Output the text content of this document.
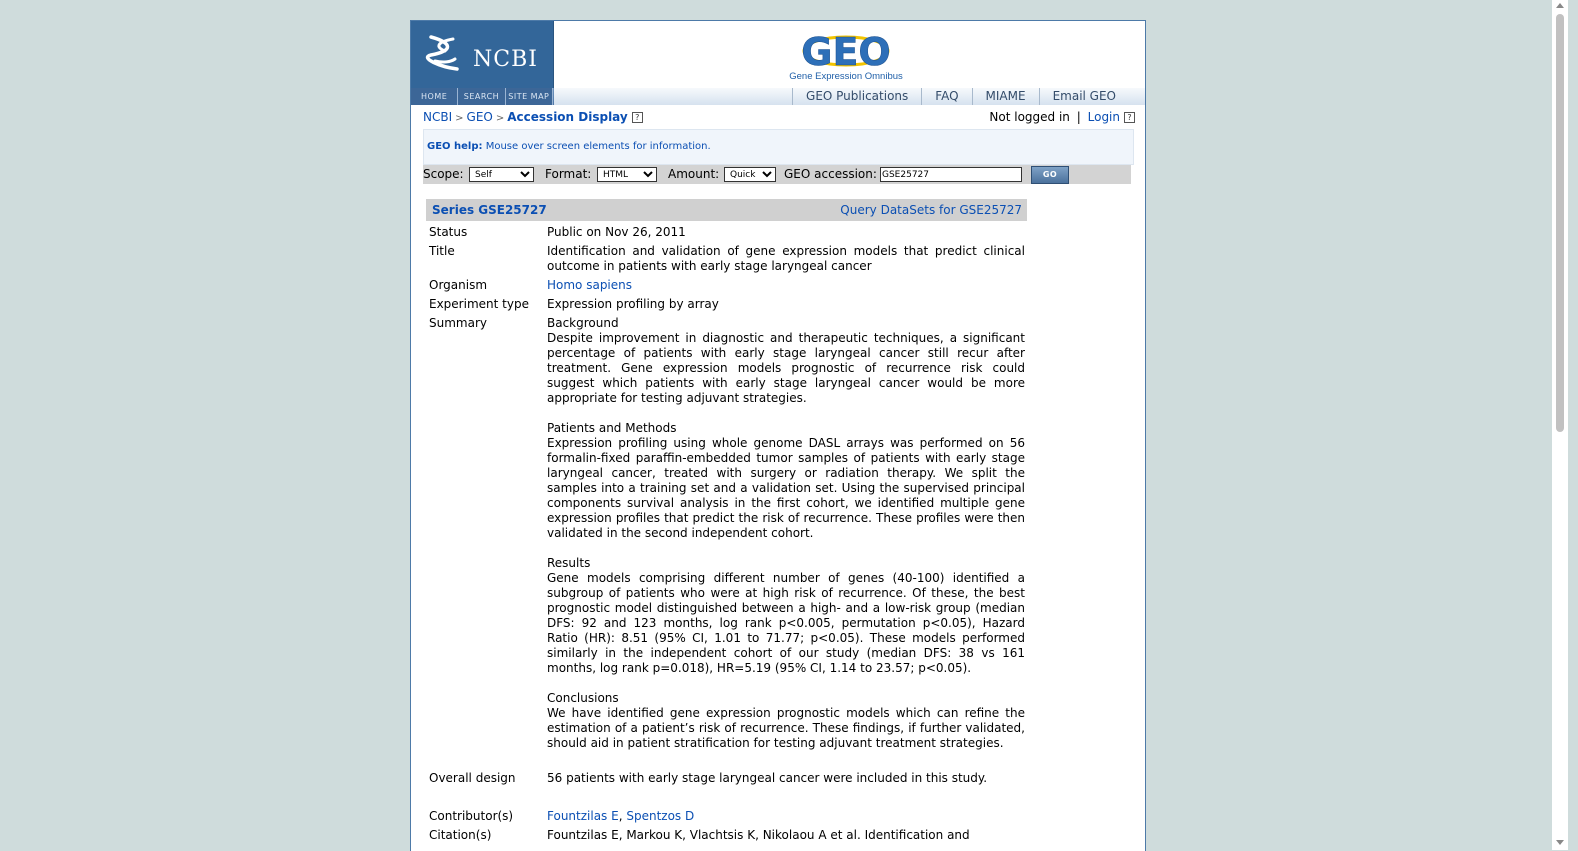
NCBI	GEO
Gene Expression Omnibus
HOME	SEARCH	SITE MAP	GEO Publications	FAQ	MIAME	Email GEO
NCBI > GEO > Accession Display ?	Not logged in | Login ?
GEO help: Mouse over screen elements for information.
Scope:
Self	Format:
HTML	Amount:
Quick	GEO accession:
GSE25727	GO
Series GSE25727	Query DataSets for GSE25727
Status	Public on Nov 26, 2011
Title	Identification and validation of gene expression models that predict clinical outcome in patients with early stage laryngeal cancer
Organism	Homo sapiens
Experiment type	Expression profiling by array
Summary	Background

Despite improvement in diagnostic and therapeutic techniques, a significant percentage of patients with early stage laryngeal cancer still recur after treatment. Gene expression models prognostic of recurrence risk could suggest which patients with early stage laryngeal cancer would be more appropriate for testing adjuvant strategies.

Patients and Methods

Expression profiling using whole genome DASL arrays was performed on 56 formalin-fixed paraffin-embedded tumor samples of patients with early stage laryngeal cancer, treated with surgery or radiation therapy. We split the samples into a training set and a validation set. Using the supervised principal components survival analysis in the first cohort, we identified multiple gene expression profiles that predict the risk of recurrence. These profiles were then validated in the second independent cohort.

Results

Gene models comprising different number of genes (40-100) identified a subgroup of patients who were at high risk of recurrence. Of these, the best prognostic model distinguished between a high- and a low-risk group (median DFS: 92 and 123 months, log rank p<0.005, permutation p<0.05), Hazard Ratio (HR): 8.51 (95% CI, 1.01 to 71.77; p<0.05). These models performed similarly in the independent cohort of our study (median DFS: 38 vs 161 months, log rank p=0.018), HR=5.19 (95% CI, 1.14 to 23.57; p<0.05).

Conclusions

We have identified gene expression prognostic models which can refine the estimation of a patient’s risk of recurrence. These findings, if further validated, should aid in patient stratification for testing adjuvant treatment strategies.

Overall design	56 patients with early stage laryngeal cancer were included in this study.
Contributor(s)	Fountzilas E, Spentzos D
Citation(s)	Fountzilas E, Markou K, Vlachtsis K, Nikolaou A et al. Identification and
